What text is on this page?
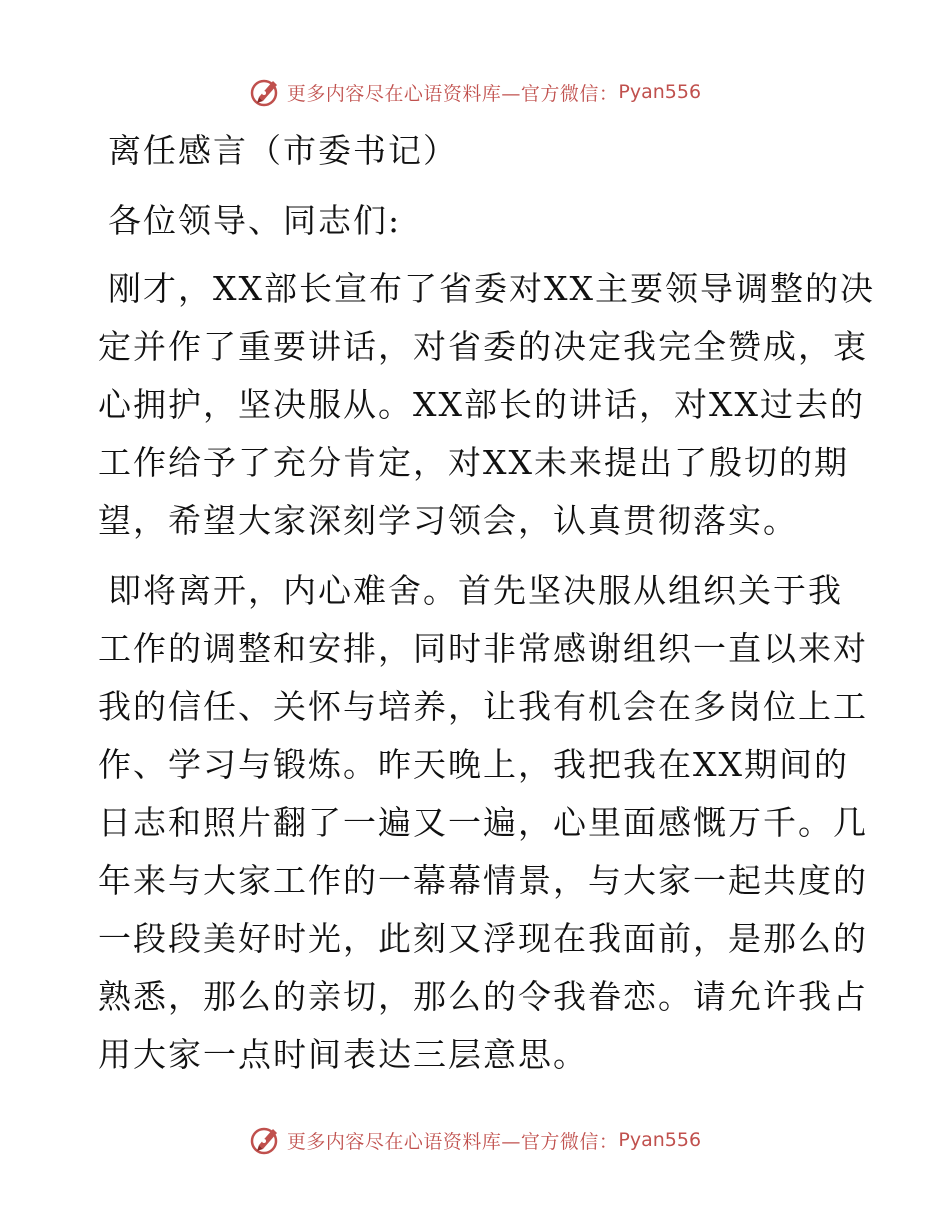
更多内容尽在心语资料库—官方微信： Pyan556
离任感言（市委书记）
各位领导、同志们:
刚才，XX部长宣布了省委对XX主要领导调整的决
定并作了重要讲话，对省委的决定我完全赞成，衷
心拥护，坚决服从。XX部长的讲话，对XX过去的
工作给予了充分肯定，对XX未来提出了殷切的期
望，希望大家深刻学习领会，认真贯彻落实。
即将离开，内心难舍。首先坚决服从组织关于我
工作的调整和安排，同时非常感谢组织一直以来对
我的信任、关怀与培养，让我有机会在多岗位上工
作、学习与锻炼。昨天晚上，我把我在XX期间的
日志和照片翻了一遍又一遍，心里面感慨万千。几
年来与大家工作的一幕幕情景，与大家一起共度的
一段段美好时光，此刻又浮现在我面前，是那么的
熟悉，那么的亲切，那么的令我眷恋。请允许我占
用大家一点时间表达三层意思。
更多内容尽在心语资料库—官方微信： Pyan556
